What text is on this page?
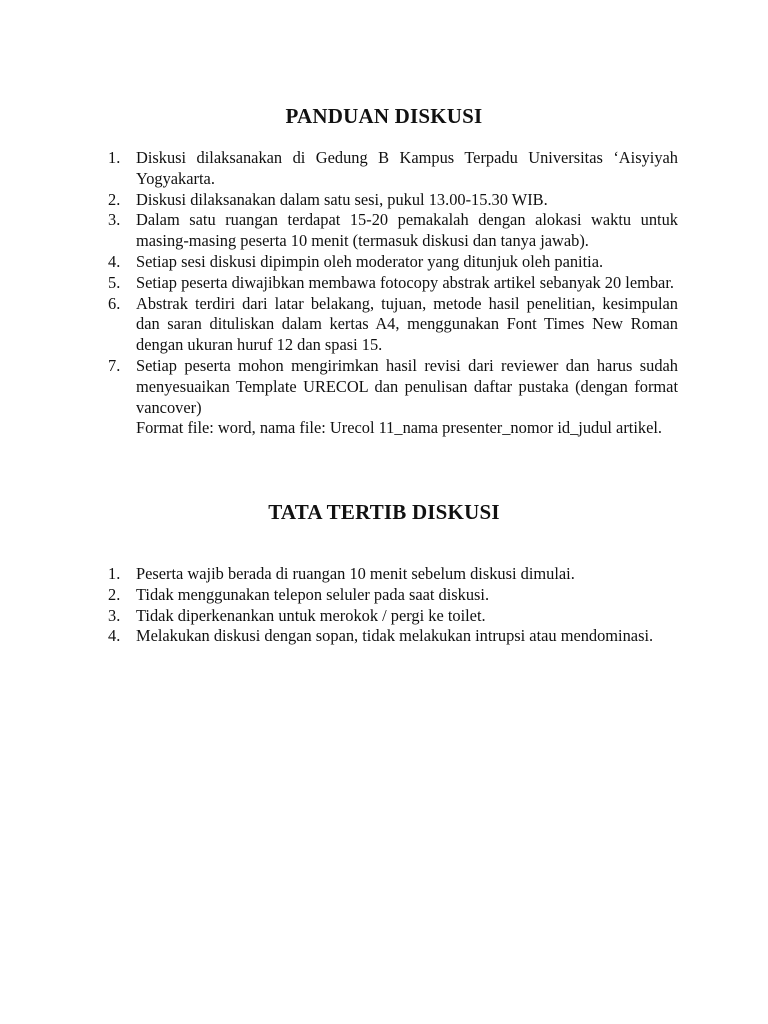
PANDUAN DISKUSI
1. Diskusi dilaksanakan di Gedung B Kampus Terpadu Universitas ‘Aisyiyah Yogyakarta.
2. Diskusi dilaksanakan dalam satu sesi, pukul 13.00-15.30 WIB.
3. Dalam satu ruangan terdapat 15-20 pemakalah dengan alokasi waktu untuk masing-masing peserta 10 menit (termasuk diskusi dan tanya jawab).
4. Setiap sesi diskusi dipimpin oleh moderator yang ditunjuk oleh panitia.
5. Setiap peserta diwajibkan membawa fotocopy abstrak artikel sebanyak 20 lembar.
6. Abstrak terdiri dari latar belakang, tujuan, metode hasil penelitian, kesimpulan dan saran dituliskan dalam kertas A4, menggunakan Font Times New Roman dengan ukuran huruf 12 dan spasi 15.
7. Setiap peserta mohon mengirimkan hasil revisi dari reviewer dan harus sudah menyesuaikan Template URECOL dan penulisan daftar pustaka (dengan format vancover)
Format file: word, nama file: Urecol 11_nama presenter_nomor id_judul artikel.
TATA TERTIB DISKUSI
1. Peserta wajib berada di ruangan 10 menit sebelum diskusi dimulai.
2. Tidak menggunakan telepon seluler pada saat diskusi.
3. Tidak diperkenankan untuk merokok / pergi ke toilet.
4. Melakukan diskusi dengan sopan, tidak melakukan intrupsi atau mendominasi.
